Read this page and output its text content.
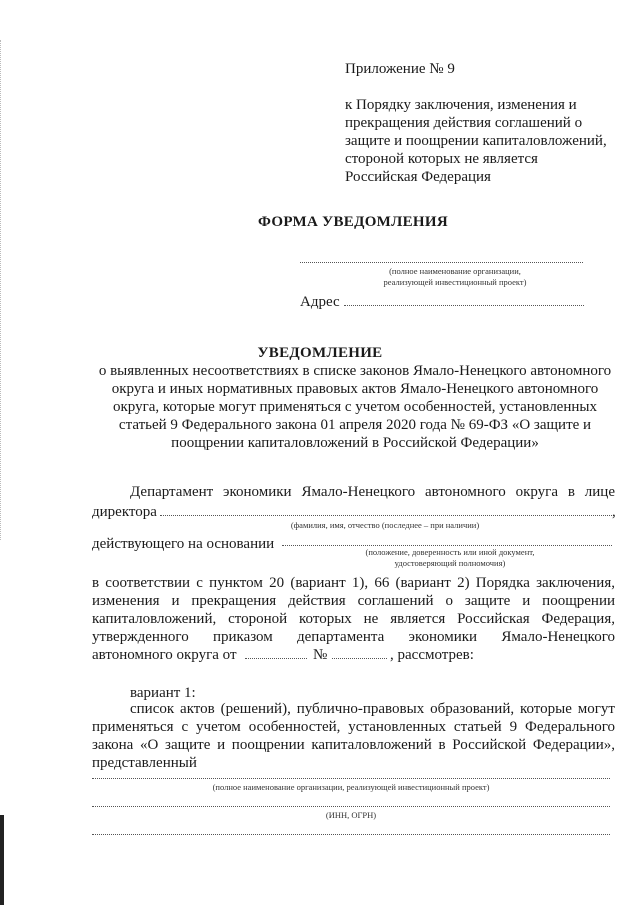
Приложение № 9
к Порядку заключения, изменения и
прекращения действия соглашений о
защите и поощрении капиталовложений,
стороной которых не является
Российская Федерация
ФОРМА УВЕДОМЛЕНИЯ
(полное наименование организации,
реализующей инвестиционный проект)
Адрес
УВЕДОМЛЕНИЕ
о выявленных несоответствиях в списке законов Ямало-Ненецкого автономного
округа и иных нормативных правовых актов Ямало-Ненецкого автономного
округа, которые могут применяться с учетом особенностей, установленных
статьей 9 Федерального закона 01 апреля 2020 года № 69-ФЗ «О защите и
поощрении капиталовложений в Российской Федерации»
Департамент экономики Ямало-Ненецкого автономного округа в лице
директора	,
(фамилия, имя, отчество (последнее – при наличии)
действующего на основании	(положение, доверенность или иной документ,
удостоверяющий полномочия)
в соответствии с пунктом 20 (вариант 1), 66 (вариант 2) Порядка заключения,
изменения и прекращения действия соглашений о защите и поощрении
капиталовложений, стороной которых не является Российская Федерация,
утвержденного приказом департамента экономики Ямало-Ненецкого
автономного округа от	№	, рассмотрев:
вариант 1:
список актов (решений), публично-правовых образований, которые могут
применяться с учетом особенностей, установленных статьей 9 Федерального
закона «О защите и поощрении капиталовложений в Российской Федерации»,
представленный
(полное наименование организации, реализующей инвестиционный проект)
(ИНН, ОГРН)
